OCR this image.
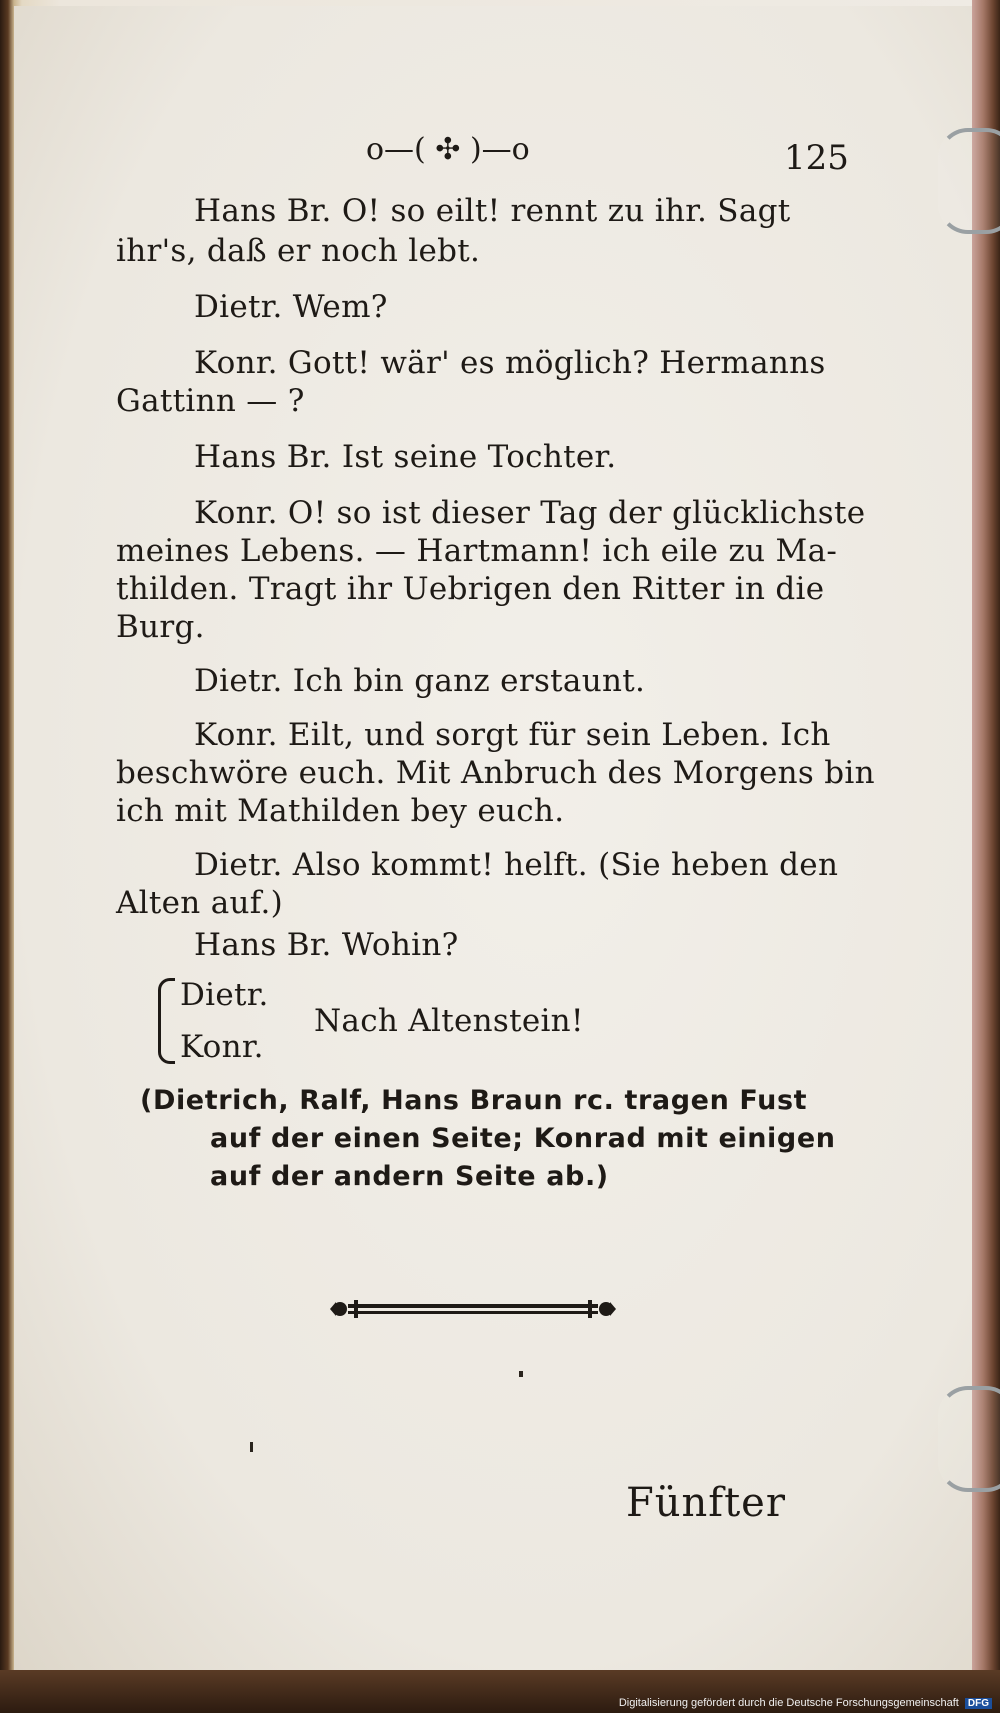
o—( ✣ )—o	125
Hans Br. O! so eilt! rennt zu ihr. Sagt
ihr's, daß er noch lebt.
Dietr. Wem?
Konr. Gott! wär' es möglich? Hermanns
Gattinn — ?
Hans Br. Ist seine Tochter.
Konr. O! so ist dieser Tag der glücklichste
meines Lebens. — Hartmann! ich eile zu Ma-
thilden. Tragt ihr Uebrigen den Ritter in die
Burg.
Dietr. Ich bin ganz erstaunt.
Konr. Eilt, und sorgt für sein Leben. Ich
beschwöre euch. Mit Anbruch des Morgens bin
ich mit Mathilden bey euch.
Dietr. Also kommt! helft. (Sie heben den
Alten auf.)
Hans Br. Wohin?
Dietr.
Konr.
Nach Altenstein!
(Dietrich, Ralf, Hans Braun rc. tragen Fust
auf der einen Seite; Konrad mit einigen
auf der andern Seite ab.)
Fünfter
Digitalisierung gefördert durch die Deutsche Forschungsgemeinschaft DFG
